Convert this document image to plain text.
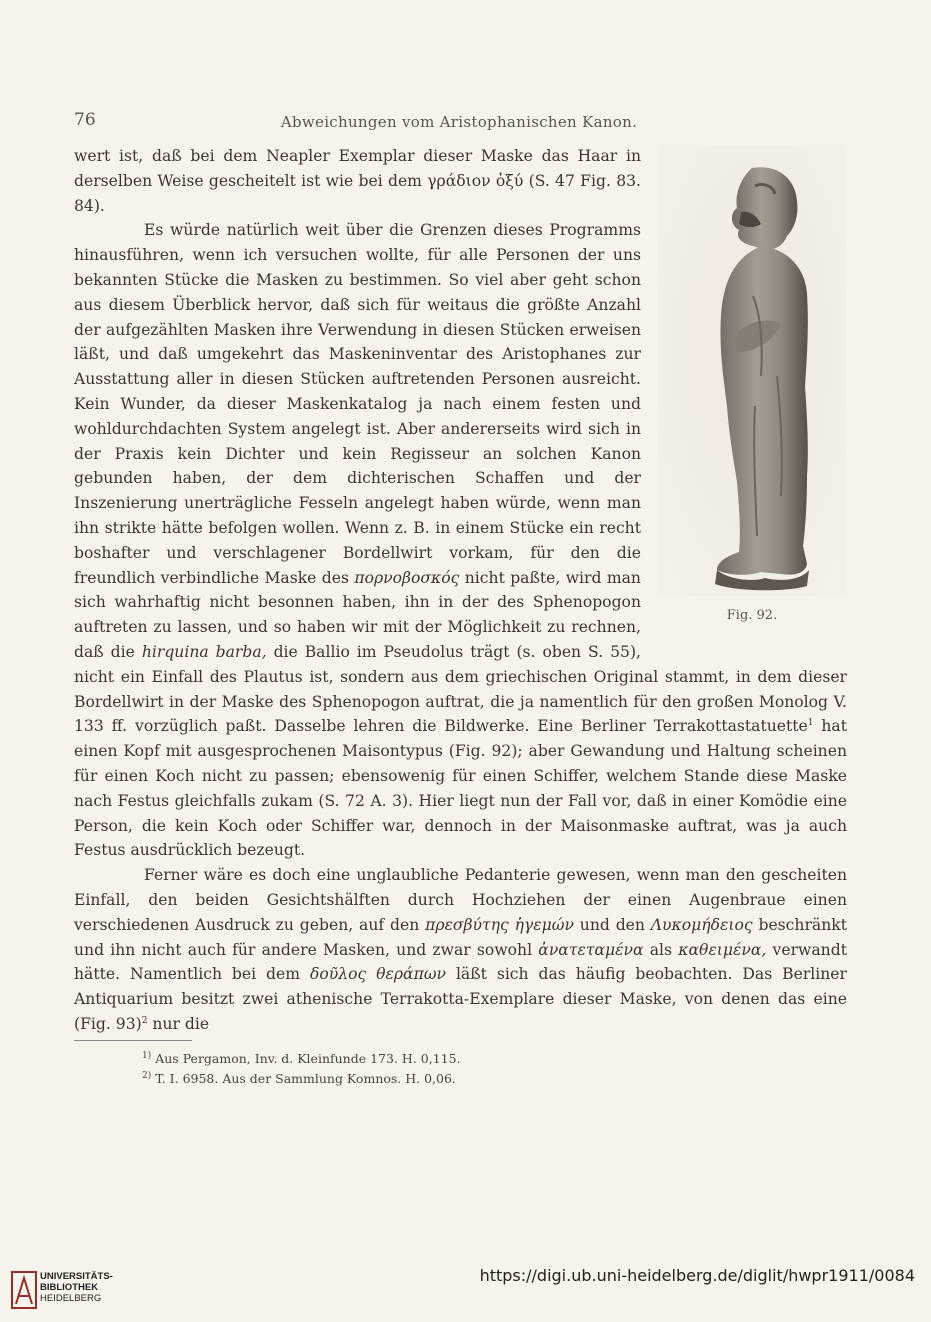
76	Abweichungen vom Aristophanischen Kanon.
Fig. 92.

wert ist, daß bei dem Neapler Exemplar dieser Maske das Haar in derselben Weise gescheitelt ist wie bei dem γράδιον ὀξύ (S. 47 Fig. 83. 84).

Es würde natürlich weit über die Grenzen dieses Programms hinausführen, wenn ich versuchen wollte, für alle Personen der uns bekannten Stücke die Masken zu bestimmen. So viel aber geht schon aus diesem Überblick hervor, daß sich für weitaus die größte Anzahl der aufgezählten Masken ihre Verwendung in diesen Stücken erweisen läßt, und daß umgekehrt das Maskeninventar des Aristophanes zur Ausstattung aller in diesen Stücken auftretenden Personen ausreicht. Kein Wunder, da dieser Maskenkatalog ja nach einem festen und wohldurchdachten System angelegt ist. Aber andererseits wird sich in der Praxis kein Dichter und kein Regisseur an solchen Kanon gebunden haben, der dem dichterischen Schaffen und der Inszenierung unerträgliche Fesseln angelegt haben würde, wenn man ihn strikte hätte befolgen wollen. Wenn z. B. in einem Stücke ein recht boshafter und verschlagener Bordellwirt vorkam, für den die freundlich verbindliche Maske des πορνοβοσκός nicht paßte, wird man sich wahrhaftig nicht besonnen haben, ihn in der des Sphenopogon auftreten zu lassen, und so haben wir mit der Möglichkeit zu rechnen, daß die hirquina barba, die Ballio im Pseudolus trägt (s. oben S. 55), nicht ein Einfall des Plautus ist, sondern aus dem griechischen Original stammt, in dem dieser Bordellwirt in der Maske des Sphenopogon auftrat, die ja namentlich für den großen Monolog V. 133 ff. vorzüglich paßt. Dasselbe lehren die Bildwerke. Eine Berliner Terrakottastatuette$^1$ hat einen Kopf mit ausgesprochenen Maisontypus (Fig. 92); aber Gewandung und Haltung scheinen für einen Koch nicht zu passen; ebensowenig für einen Schiffer, welchem Stande diese Maske nach Festus gleichfalls zukam (S. 72 A. 3). Hier liegt nun der Fall vor, daß in einer Komödie eine Person, die kein Koch oder Schiffer war, dennoch in der Maisonmaske auftrat, was ja auch Festus ausdrücklich bezeugt.

Ferner wäre es doch eine unglaubliche Pedanterie gewesen, wenn man den gescheiten Einfall, den beiden Gesichtshälften durch Hochziehen der einen Augenbraue einen verschiedenen Ausdruck zu geben, auf den πρεσβύτης ἡγεμών und den Λυκομήδειος beschränkt und ihn nicht auch für andere Masken, und zwar sowohl ἀνατεταμένα als καθειμένα, verwandt hätte. Namentlich bei dem δοῦλος θεράπων läßt sich das häufig beobachten. Das Berliner Antiquarium besitzt zwei athenische Terrakotta-Exemplare dieser Maske, von denen das eine (Fig. 93)$^2$ nur die

$^{1)}$ Aus Pergamon, Inv. d. Kleinfunde 173. H. 0,115.
$^{2)}$ T. I. 6958. Aus der Sammlung Komnos. H. 0,06.
UNIVERSITÄTS-
BIBLIOTHEK
HEIDELBERG
https://digi.ub.uni-heidelberg.de/diglit/hwpr1911/0084
